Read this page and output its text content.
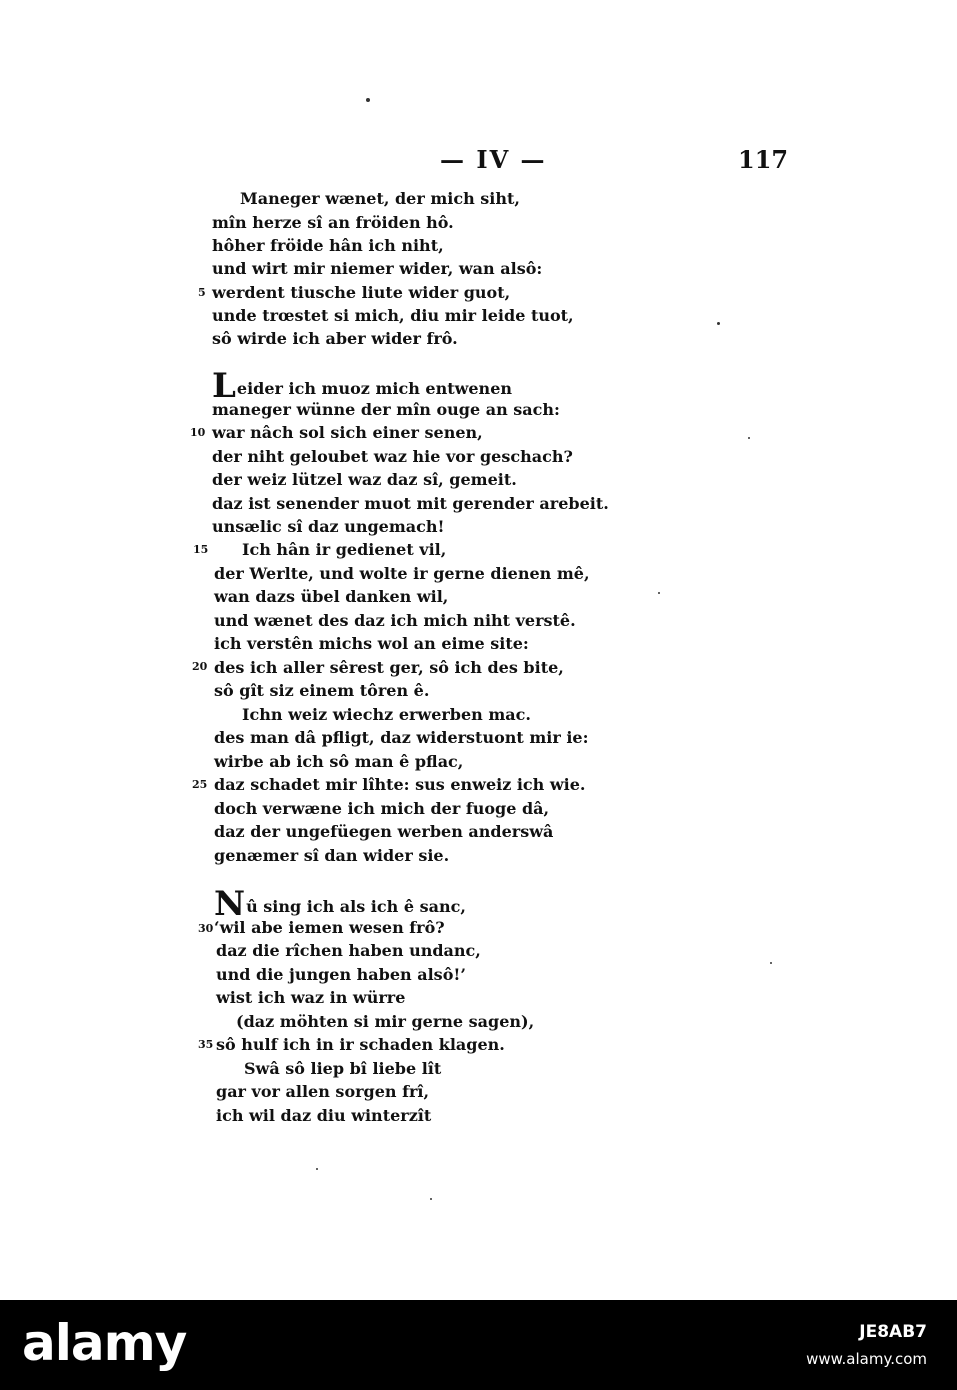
— IV —	117
Maneger wænet, der mich siht,
mîn herze sî an fröiden hô.
hôher fröide hân ich niht,
und wirt mir niemer wider, wan alsô:
5 werdent tiusche liute wider guot,
unde trœstet si mich, diu mir leide tuot,
sô wirde ich aber wider frô.
Leider ich muoz mich entwenen
maneger wünne der mîn ouge an sach:
10 war nâch sol sich einer senen,
der niht geloubet waz hie vor geschach?
der weiz lützel waz daz sî, gemeit.
daz ist senender muot mit gerender arebeit.
unsælic sî daz ungemach!
15 Ich hân ir gedienet vil,
der Werlte, und wolte ir gerne dienen mê,
wan dazs übel danken wil,
und wænet des daz ich mich niht verstê.
ich verstên michs wol an eime site:
20 des ich aller sêrest ger, sô ich des bite,
sô gît siz einem tôren ê.
Ichn weiz wiechz erwerben mac.
des man dâ pfligt, daz widerstuont mir ie:
wirbe ab ich sô man ê pflac,
25 daz schadet mir lîhte: sus enweiz ich wie.
doch verwæne ich mich der fuoge dâ,
daz der ungefüegen werben anderswâ
genæmer sî dan wider sie.
Nû sing ich als ich ê sanc,
30 ‘wil abe iemen wesen frô?
daz die rîchen haben undanc,
und die jungen haben alsô!’
wist ich waz in würre
(daz möhten si mir gerne sagen),
35 sô hulf ich in ir schaden klagen.
Swâ sô liep bî liebe lît
gar vor allen sorgen frî,
ich wil daz diu winterzît
alamy	JE8AB7
www.alamy.com
